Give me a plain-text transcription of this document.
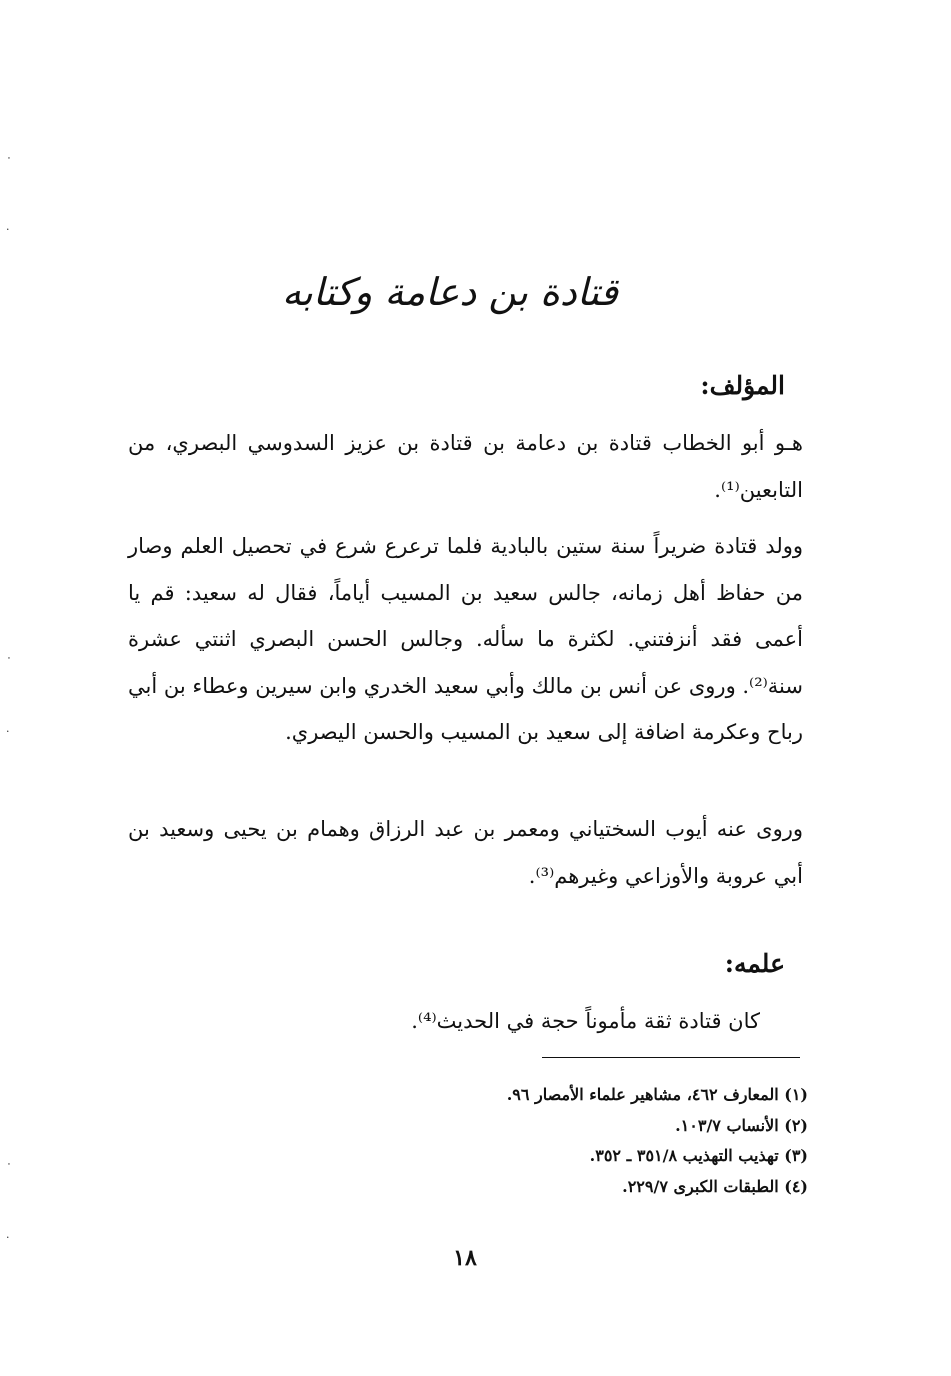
٠
·
٠
·
٠
·
قتادة بن دعامة وكتابه
المؤلف:

هـو أبو الخطاب قتادة بن دعامة بن قتادة بن عزيز السدوسي البصري، من التابعين⁽¹⁾.

وولد قتادة ضريراً سنة ستين بالبادية فلما ترعرع شرع في تحصيل العلم وصار من حفاظ أهل زمانه، جالس سعيد بن المسيب أياماً، فقال له سعيد: قم يا أعمى فقد أنزفتني. لكثرة ما سأله. وجالس الحسن البصري اثنتي عشرة سنة⁽²⁾. وروى عن أنس بن مالك وأبي سعيد الخدري وابن سيرين وعطاء بن أبي رباح وعكرمة اضافة إلى سعيد بن المسيب والحسن اليصري.

وروى عنه أيوب السختياني ومعمر بن عبد الرزاق وهمام بن يحيى وسعيد بن أبي عروبة والأوزاعي وغيرهم⁽³⁾.

علمه:

كان قتادة ثقة مأموناً حجة في الحديث⁽⁴⁾.

(١) المعارف ٤٦٢، مشاهير علماء الأمصار ٩٦.
(٢) الأنساب ١٠٣/٧.
(٣) تهذيب التهذيب ٣٥١/٨ ـ ٣٥٢.
(٤) الطبقات الكبرى ٢٢٩/٧.
١٨
